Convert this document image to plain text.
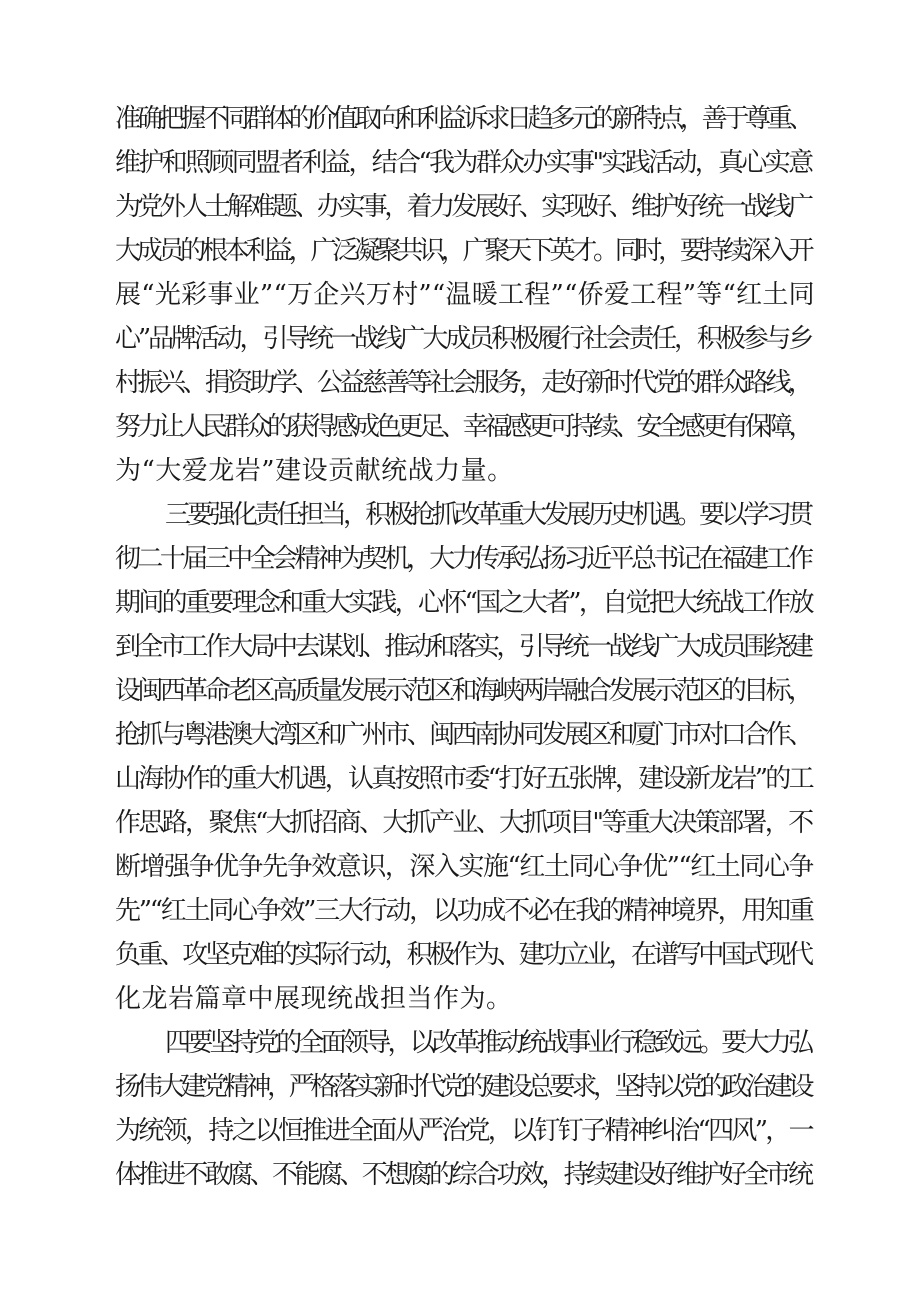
准确把握不同群体的价值取向和利益诉求日趋多元的新特点，善于尊重、
维护和照顾同盟者利益，结合“我为群众办实事''实践活动，真心实意
为党外人士解难题、办实事，着力发展好、实现好、维护好统一战线广
大成员的根本利益，广泛凝聚共识，广聚天下英才。同时，要持续深入开
展“光彩事业”“万企兴万村”“温暖工程”“侨爱工程”等“红土同
心”品牌活动，引导统一战线广大成员积极履行社会责任，积极参与乡
村振兴、捐资助学、公益慈善等社会服务，走好新时代党的群众路线，
努力让人民群众的获得感成色更足、幸福感更可持续、安全感更有保障，
为“大爱龙岩”建设贡献统战力量。
三要强化责任担当，积极抢抓改革重大发展历史机遇。要以学习贯
彻二十届三中全会精神为契机，大力传承弘扬习近平总书记在福建工作
期间的重要理念和重大实践，心怀“国之大者”，自觉把大统战工作放
到全市工作大局中去谋划、推动和落实，引导统一战线广大成员围绕建
设闽西革命老区高质量发展示范区和海峡两岸融合发展示范区的目标，
抢抓与粤港澳大湾区和广州市、闽西南协同发展区和厦门市对口合作、
山海协作的重大机遇，认真按照市委“打好五张牌，建设新龙岩”的工
作思路，聚焦“大抓招商、大抓产业、大抓项目''等重大决策部署，不
断增强争优争先争效意识，深入实施“红土同心争优”“红土同心争
先”“红土同心争效”三大行动，以功成不必在我的精神境界，用知重
负重、攻坚克难的实际行动，积极作为、建功立业，在谱写中国式现代
化龙岩篇章中展现统战担当作为。
四要坚持党的全面领导，以改革推动统战事业行稳致远。要大力弘
扬伟大建党精神，严格落实新时代党的建设总要求，坚持以党的政治建设
为统领，持之以恒推进全面从严治党，以钉钉子精神纠治“四风”，一
体推进不敢腐、不能腐、不想腐的综合功效，持续建设好维护好全市统
